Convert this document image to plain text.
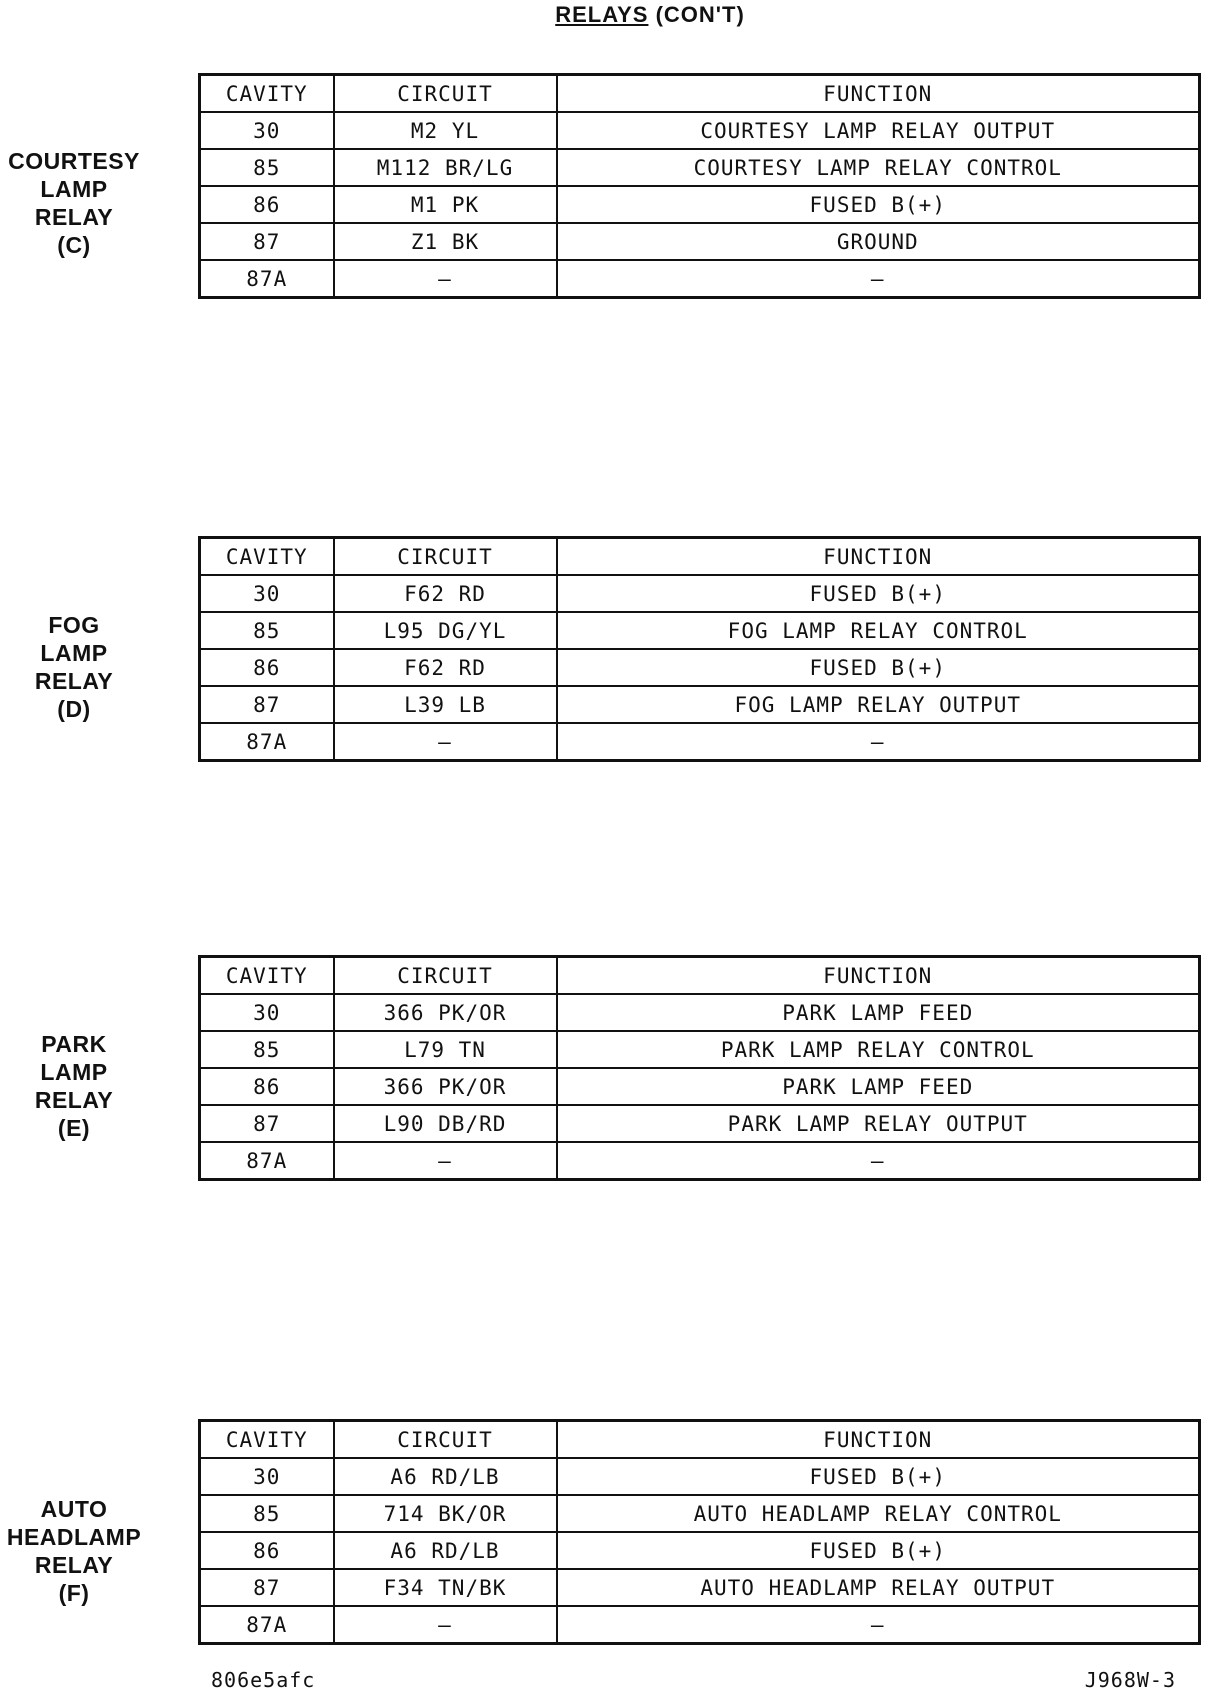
RELAYS (CON'T)
COURTESY
LAMP
RELAY
(C)
CAVITY	CIRCUIT	FUNCTION
30	M2 YL	COURTESY LAMP RELAY OUTPUT
85	M112 BR/LG	COURTESY LAMP RELAY CONTROL
86	M1 PK	FUSED B(+)
87	Z1 BK	GROUND
87A	–	–
FOG
LAMP
RELAY
(D)
CAVITY	CIRCUIT	FUNCTION
30	F62 RD	FUSED B(+)
85	L95 DG/YL	FOG LAMP RELAY CONTROL
86	F62 RD	FUSED B(+)
87	L39 LB	FOG LAMP RELAY OUTPUT
87A	–	–
PARK
LAMP
RELAY
(E)
CAVITY	CIRCUIT	FUNCTION
30	366 PK/OR	PARK LAMP FEED
85	L79 TN	PARK LAMP RELAY CONTROL
86	366 PK/OR	PARK LAMP FEED
87	L90 DB/RD	PARK LAMP RELAY OUTPUT
87A	–	–
AUTO
HEADLAMP
RELAY
(F)
CAVITY	CIRCUIT	FUNCTION
30	A6 RD/LB	FUSED B(+)
85	714 BK/OR	AUTO HEADLAMP RELAY CONTROL
86	A6 RD/LB	FUSED B(+)
87	F34 TN/BK	AUTO HEADLAMP RELAY OUTPUT
87A	–	–
806e5afc	J968W-3
